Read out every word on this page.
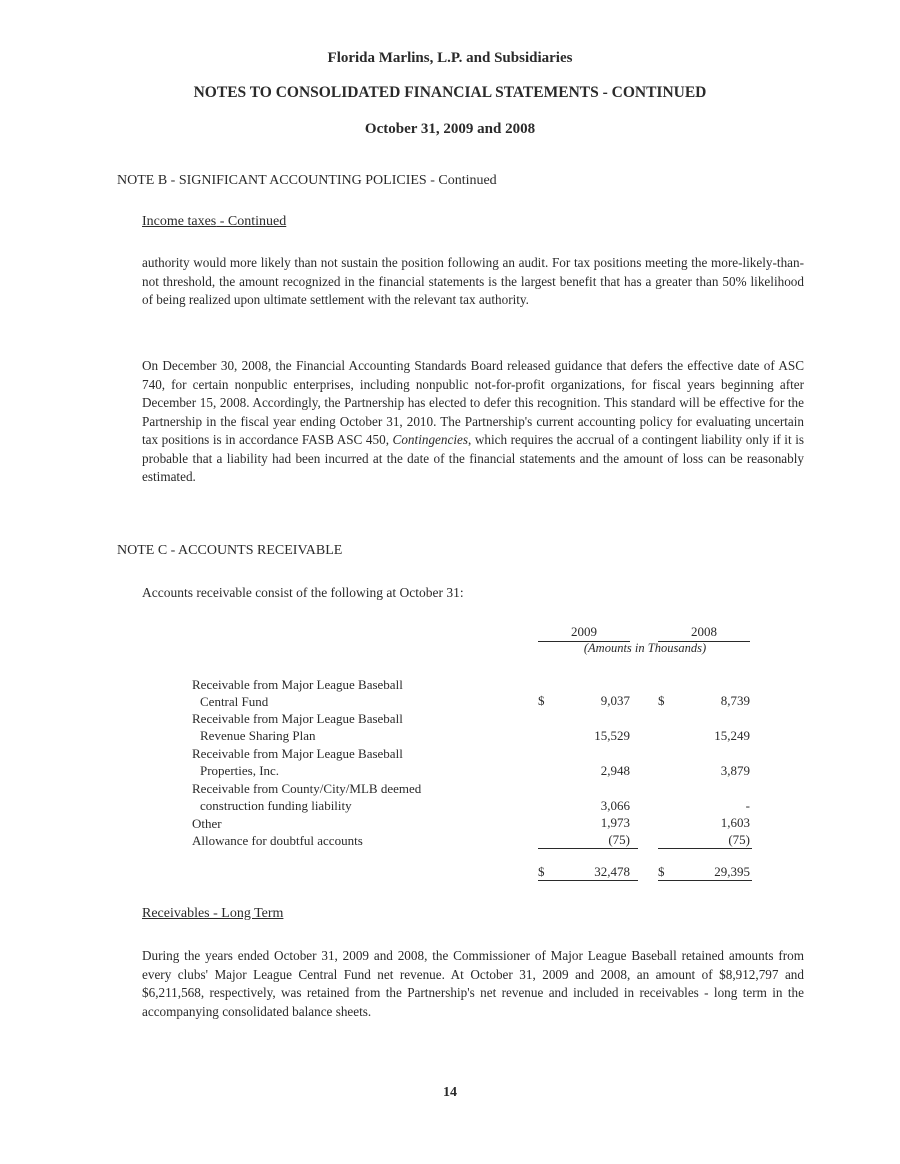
Florida Marlins, L.P. and Subsidiaries
NOTES TO CONSOLIDATED FINANCIAL STATEMENTS - CONTINUED
October 31, 2009 and 2008
NOTE B - SIGNIFICANT ACCOUNTING POLICIES - Continued
Income taxes - Continued

authority would more likely than not sustain the position following an audit. For tax positions meeting the more-likely-than-not threshold, the amount recognized in the financial statements is the largest benefit that has a greater than 50% likelihood of being realized upon ultimate settlement with the relevant tax authority.

On December 30, 2008, the Financial Accounting Standards Board released guidance that defers the effective date of ASC 740, for certain nonpublic enterprises, including nonpublic not-for-profit organizations, for fiscal years beginning after December 15, 2008. Accordingly, the Partnership has elected to defer this recognition. This standard will be effective for the Partnership in the fiscal year ending October 31, 2010. The Partnership's current accounting policy for evaluating uncertain tax positions is in accordance FASB ASC 450, Contingencies, which requires the accrual of a contingent liability only if it is probable that a liability had been incurred at the date of the financial statements and the amount of loss can be reasonably estimated.

NOTE C - ACCOUNTS RECEIVABLE
Accounts receivable consist of the following at October 31:
2009	2008
(Amounts in Thousands)
Receivable from Major League Baseball
Central Fund	$	9,037 $	8,739
Receivable from Major League Baseball
Revenue Sharing Plan	15,529	15,249
Receivable from Major League Baseball
Properties, Inc.	2,948	3,879
Receivable from County/City/MLB deemed
construction funding liability	3,066	-
Other	1,973	1,603
Allowance for doubtful accounts	(75)	(75)
$	32,478 $	29,395
Receivables - Long Term

During the years ended October 31, 2009 and 2008, the Commissioner of Major League Baseball retained amounts from every clubs' Major League Central Fund net revenue. At October 31, 2009 and 2008, an amount of $8,912,797 and $6,211,568, respectively, was retained from the Partnership's net revenue and included in receivables - long term in the accompanying consolidated balance sheets.

14
